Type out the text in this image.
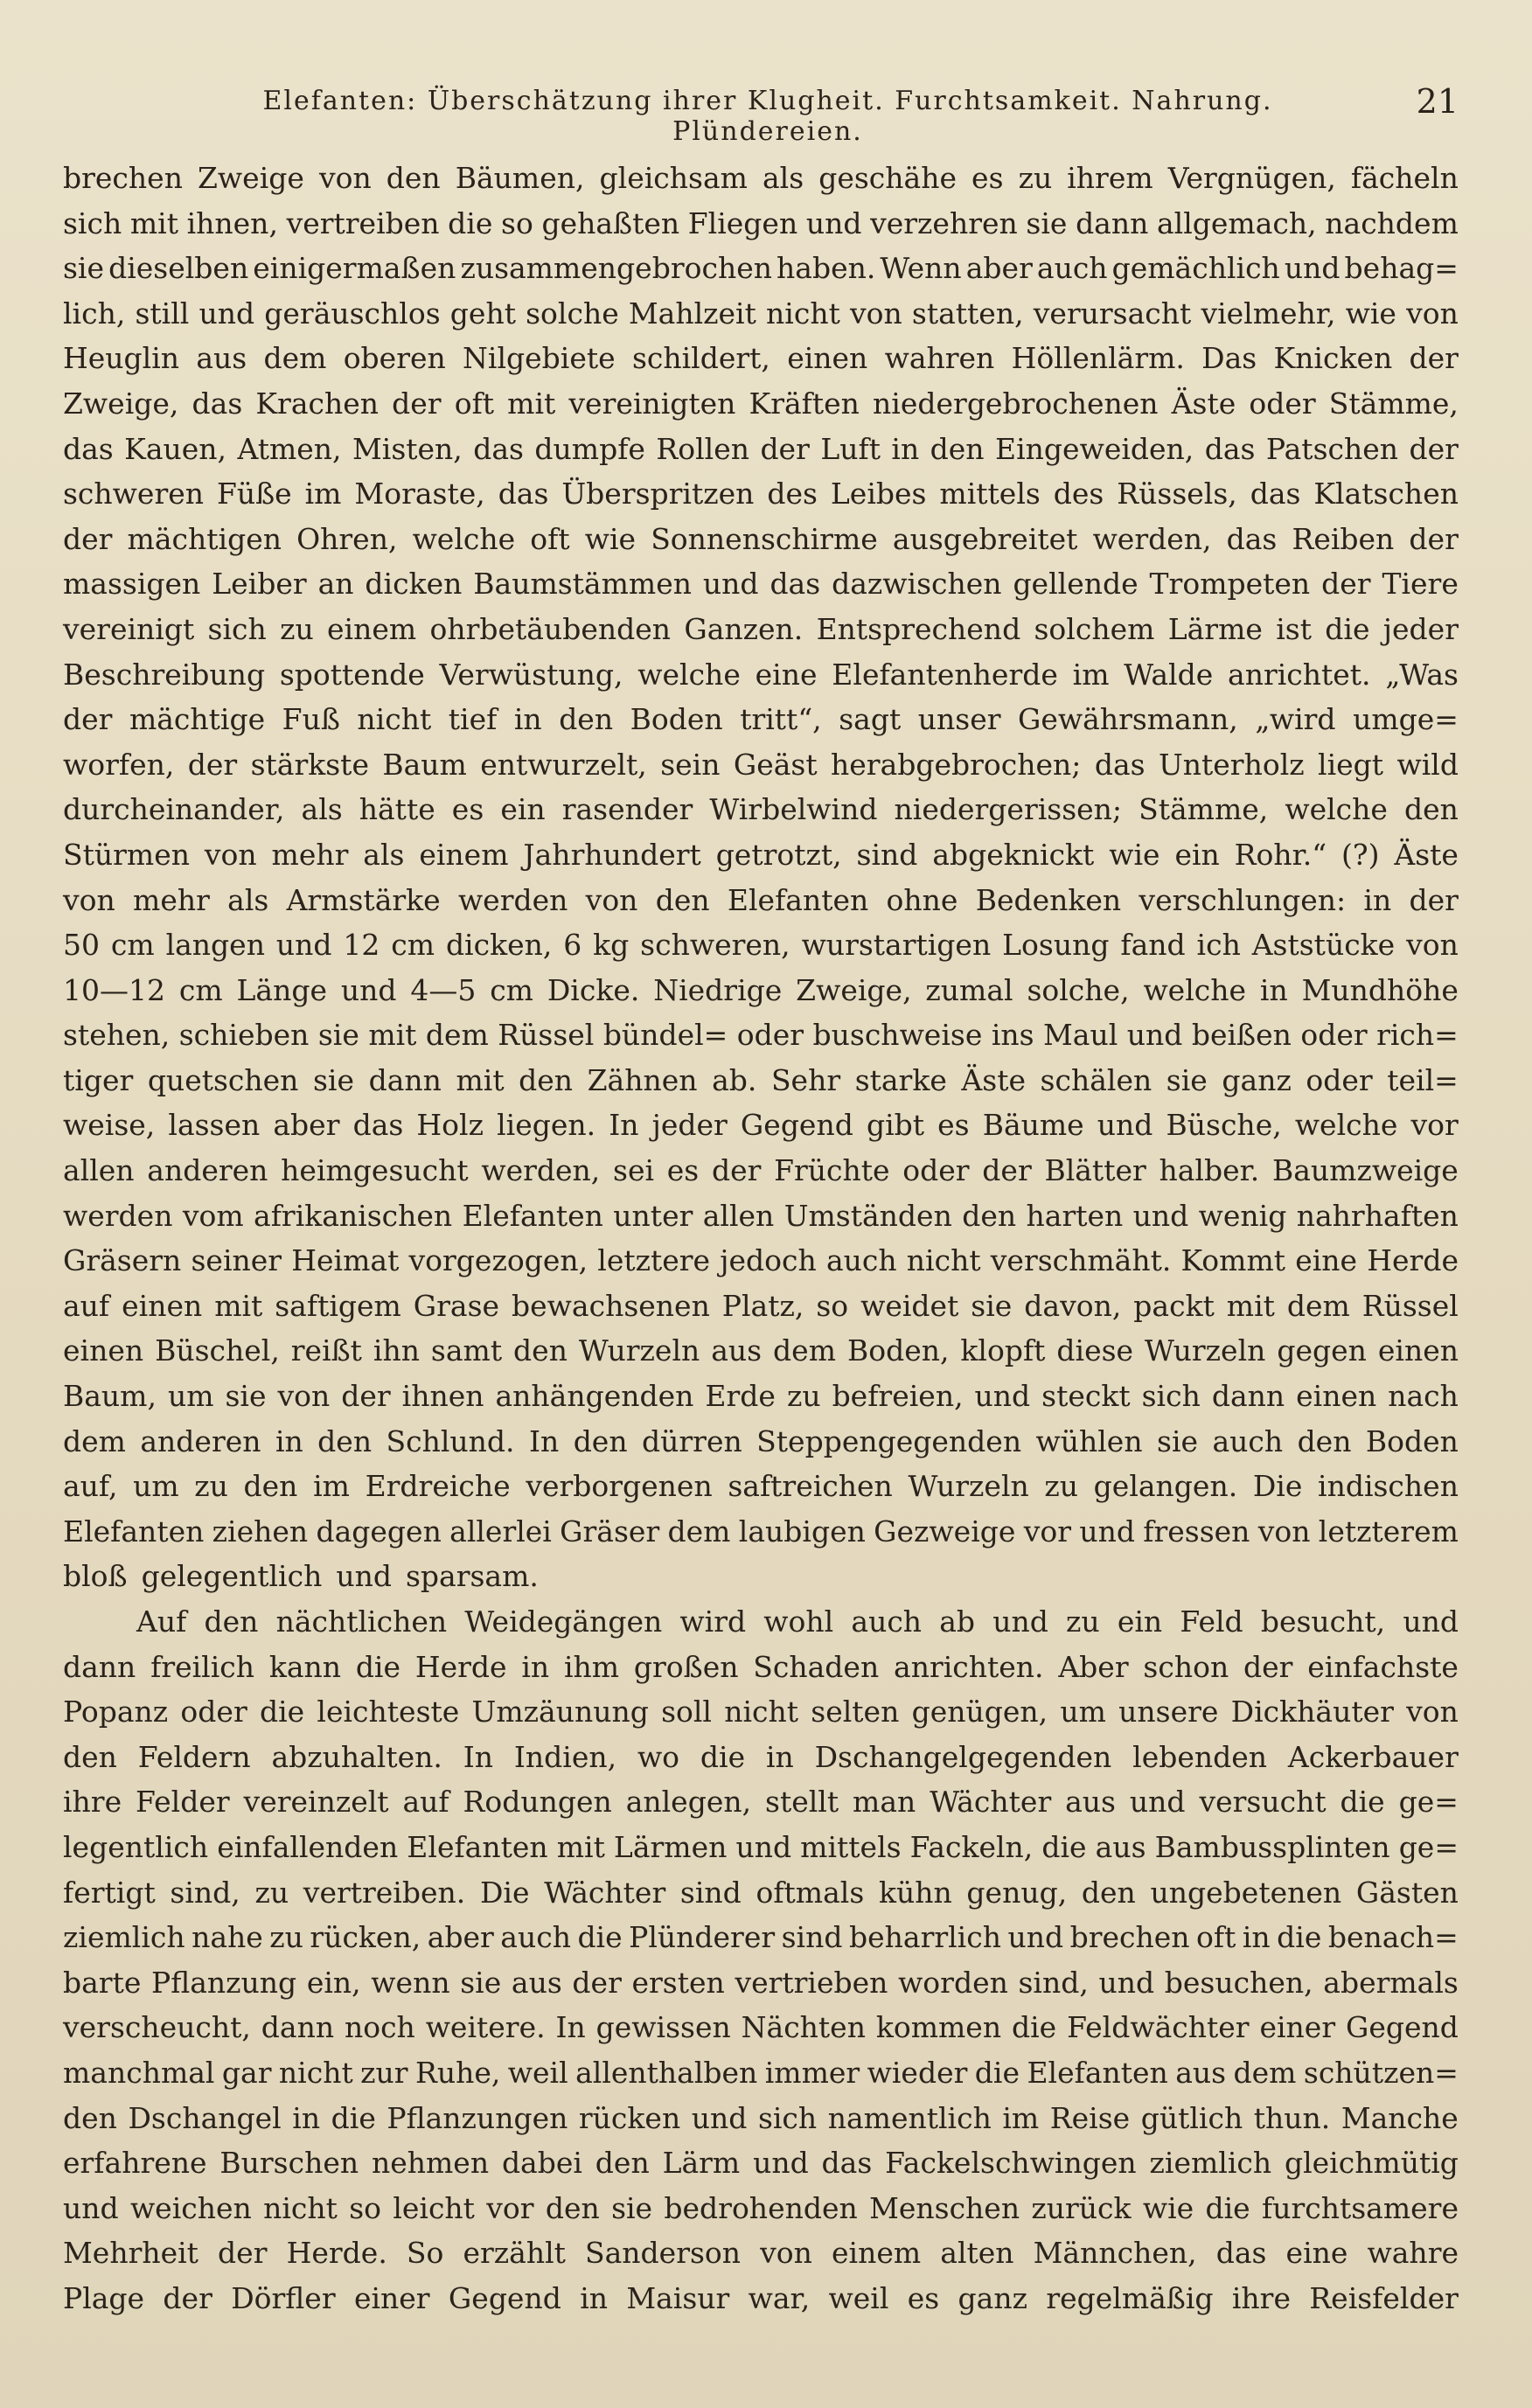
Elefanten: Überschätzung ihrer Klugheit. Furchtsamkeit. Nahrung. Plündereien.
21
brechen Zweige von den Bäumen, gleichsam als geschähe es zu ihrem Vergnügen, fächeln
sich mit ihnen, vertreiben die so gehaßten Fliegen und verzehren sie dann allgemach, nachdem
sie dieselben einigermaßen zusammengebrochen haben. Wenn aber auch gemächlich und behag=
lich, still und geräuschlos geht solche Mahlzeit nicht von statten, verursacht vielmehr, wie von
Heuglin aus dem oberen Nilgebiete schildert, einen wahren Höllenlärm. Das Knicken der
Zweige, das Krachen der oft mit vereinigten Kräften niedergebrochenen Äste oder Stämme,
das Kauen, Atmen, Misten, das dumpfe Rollen der Luft in den Eingeweiden, das Patschen der
schweren Füße im Moraste, das Überspritzen des Leibes mittels des Rüssels, das Klatschen
der mächtigen Ohren, welche oft wie Sonnenschirme ausgebreitet werden, das Reiben der
massigen Leiber an dicken Baumstämmen und das dazwischen gellende Trompeten der Tiere
vereinigt sich zu einem ohrbetäubenden Ganzen. Entsprechend solchem Lärme ist die jeder
Beschreibung spottende Verwüstung, welche eine Elefantenherde im Walde anrichtet. „Was
der mächtige Fuß nicht tief in den Boden tritt“, sagt unser Gewährsmann, „wird umge=
worfen, der stärkste Baum entwurzelt, sein Geäst herabgebrochen; das Unterholz liegt wild
durcheinander, als hätte es ein rasender Wirbelwind niedergerissen; Stämme, welche den
Stürmen von mehr als einem Jahrhundert getrotzt, sind abgeknickt wie ein Rohr.“ (?) Äste
von mehr als Armstärke werden von den Elefanten ohne Bedenken verschlungen: in der
50 cm langen und 12 cm dicken, 6 kg schweren, wurstartigen Losung fand ich Aststücke von
10—12 cm Länge und 4—5 cm Dicke. Niedrige Zweige, zumal solche, welche in Mundhöhe
stehen, schieben sie mit dem Rüssel bündel= oder buschweise ins Maul und beißen oder rich=
tiger quetschen sie dann mit den Zähnen ab. Sehr starke Äste schälen sie ganz oder teil=
weise, lassen aber das Holz liegen. In jeder Gegend gibt es Bäume und Büsche, welche vor
allen anderen heimgesucht werden, sei es der Früchte oder der Blätter halber. Baumzweige
werden vom afrikanischen Elefanten unter allen Umständen den harten und wenig nahrhaften
Gräsern seiner Heimat vorgezogen, letztere jedoch auch nicht verschmäht. Kommt eine Herde
auf einen mit saftigem Grase bewachsenen Platz, so weidet sie davon, packt mit dem Rüssel
einen Büschel, reißt ihn samt den Wurzeln aus dem Boden, klopft diese Wurzeln gegen einen
Baum, um sie von der ihnen anhängenden Erde zu befreien, und steckt sich dann einen nach
dem anderen in den Schlund. In den dürren Steppengegenden wühlen sie auch den Boden
auf, um zu den im Erdreiche verborgenen saftreichen Wurzeln zu gelangen. Die indischen
Elefanten ziehen dagegen allerlei Gräser dem laubigen Gezweige vor und fressen von letzterem
bloß gelegentlich und sparsam.
Auf den nächtlichen Weidegängen wird wohl auch ab und zu ein Feld besucht, und
dann freilich kann die Herde in ihm großen Schaden anrichten. Aber schon der einfachste
Popanz oder die leichteste Umzäunung soll nicht selten genügen, um unsere Dickhäuter von
den Feldern abzuhalten. In Indien, wo die in Dschangelgegenden lebenden Ackerbauer
ihre Felder vereinzelt auf Rodungen anlegen, stellt man Wächter aus und versucht die ge=
legentlich einfallenden Elefanten mit Lärmen und mittels Fackeln, die aus Bambussplinten ge=
fertigt sind, zu vertreiben. Die Wächter sind oftmals kühn genug, den ungebetenen Gästen
ziemlich nahe zu rücken, aber auch die Plünderer sind beharrlich und brechen oft in die benach=
barte Pflanzung ein, wenn sie aus der ersten vertrieben worden sind, und besuchen, abermals
verscheucht, dann noch weitere. In gewissen Nächten kommen die Feldwächter einer Gegend
manchmal gar nicht zur Ruhe, weil allenthalben immer wieder die Elefanten aus dem schützen=
den Dschangel in die Pflanzungen rücken und sich namentlich im Reise gütlich thun. Manche
erfahrene Burschen nehmen dabei den Lärm und das Fackelschwingen ziemlich gleichmütig
und weichen nicht so leicht vor den sie bedrohenden Menschen zurück wie die furchtsamere
Mehrheit der Herde. So erzählt Sanderson von einem alten Männchen, das eine wahre
Plage der Dörfler einer Gegend in Maisur war, weil es ganz regelmäßig ihre Reisfelder
